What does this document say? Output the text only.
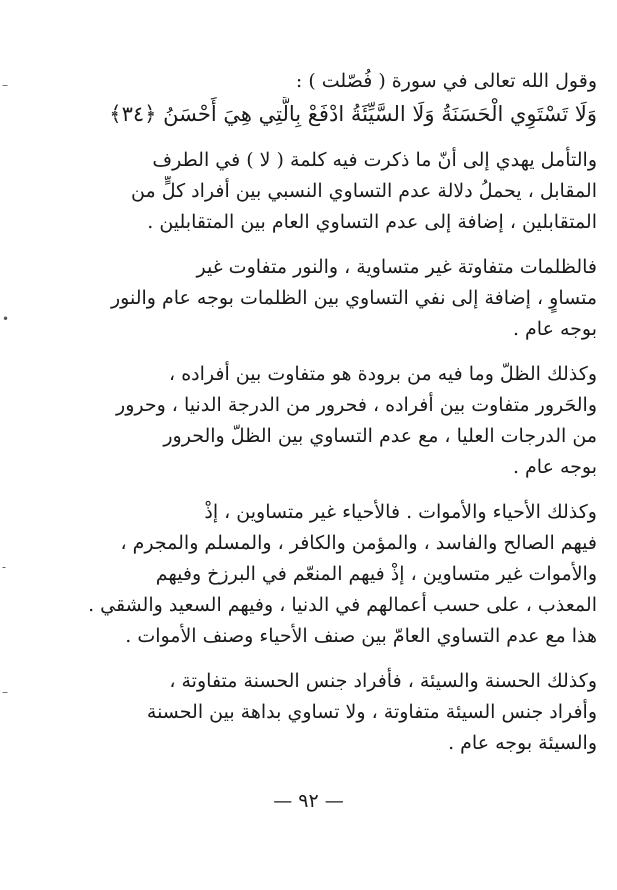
–
•
-
–
وقول الله تعالى في سورة ( فُصّلت ) :
وَلَا تَسْتَوِي الْحَسَنَةُ وَلَا السَّيِّئَةُ ادْفَعْ بِالَّتِي هِيَ أَحْسَنُ ﴿٣٤﴾
والتأمل يهدي إلى أنّ ما ذكرت فيه كلمة ( لا ) في الطرف
المقابل ، يحملُ دلالة عدم التساوي النسبي بين أفراد كلٍّ من
المتقابلين ، إضافة إلى عدم التساوي العام بين المتقابلين .
فالظلمات متفاوتة غير متساوية ، والنور متفاوت غير
متساوٍ ، إضافة إلى نفي التساوي بين الظلمات بوجه عام والنور
بوجه عام .
وكذلك الظلّ وما فيه من برودة هو متفاوت بين أفراده ،
والحَرور متفاوت بين أفراده ، فحرور من الدرجة الدنيا ، وحرور
من الدرجات العليا ، مع عدم التساوي بين الظلّ والحرور
بوجه عام .
وكذلك الأحياء والأموات . فالأحياء غير متساوين ، إذْ
فيهم الصالح والفاسد ، والمؤمن والكافر ، والمسلم والمجرم ،
والأموات غير متساوين ، إذْ فيهم المنعّم في البرزخ وفيهم
المعذب ، على حسب أعمالهم في الدنيا ، وفيهم السعيد والشقي .
هذا مع عدم التساوي العامّ بين صنف الأحياء وصنف الأموات .
وكذلك الحسنة والسيئة ، فأفراد جنس الحسنة متفاوتة ،
وأفراد جنس السيئة متفاوتة ، ولا تساوي بداهة بين الحسنة
والسيئة بوجه عام .
— ٩٢ —
